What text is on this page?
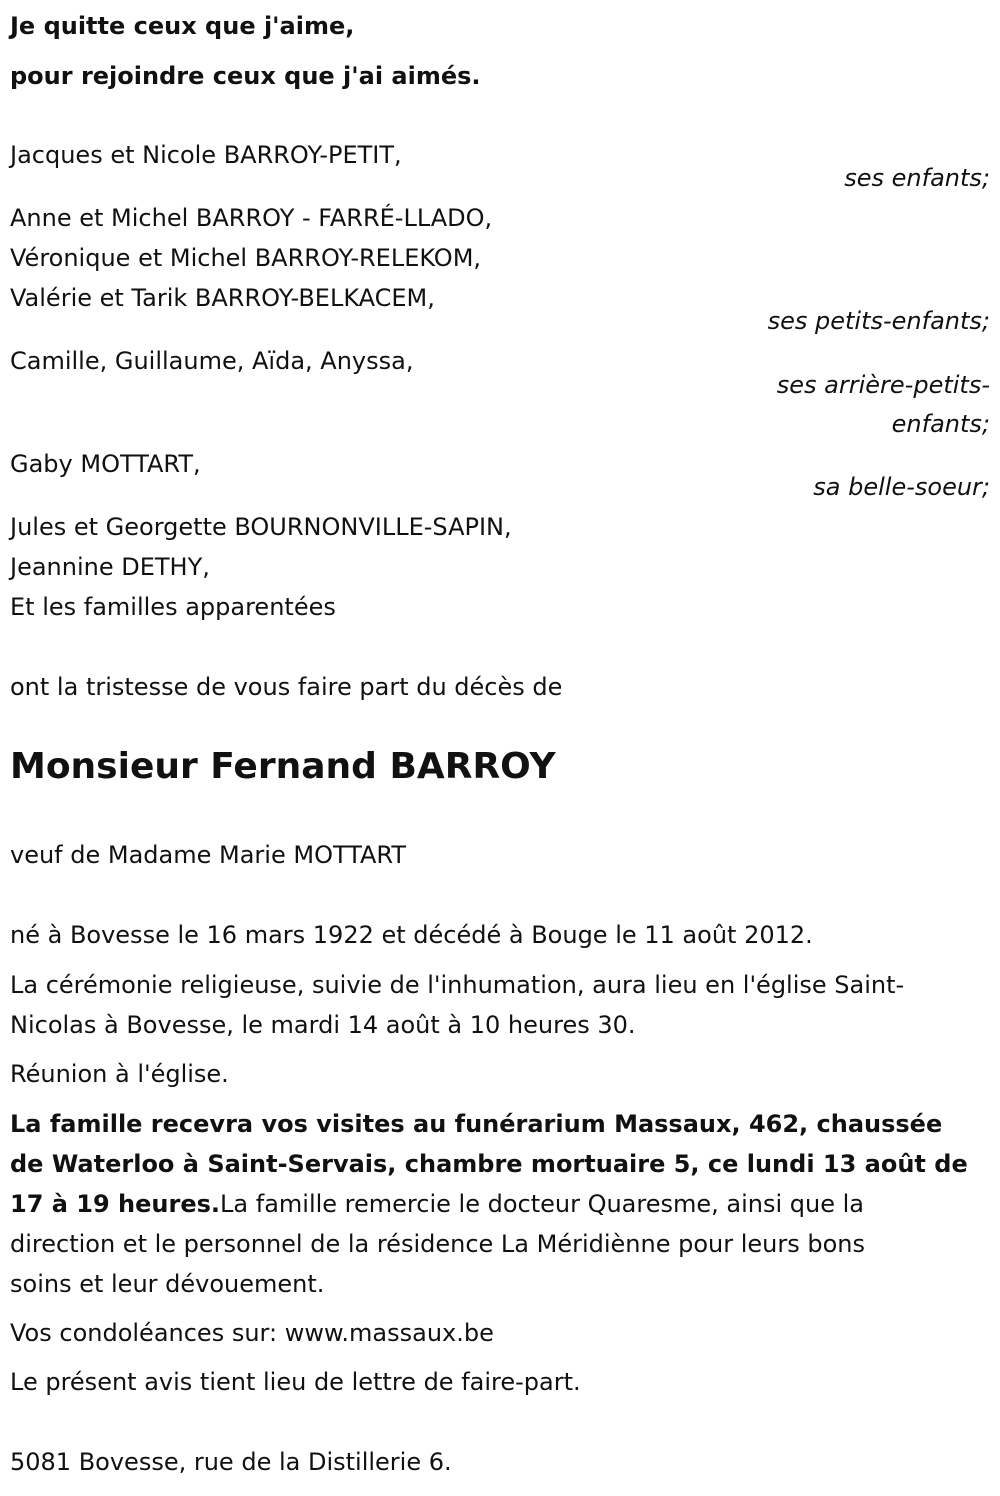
Je quitte ceux que j'aime,
pour rejoindre ceux que j'ai aimés.
Jacques et Nicole BARROY-PETIT,
ses enfants;
Anne et Michel BARROY - FARRÉ-LLADO,
Véronique et Michel BARROY-RELEKOM,
Valérie et Tarik BARROY-BELKACEM,
ses petits-enfants;
Camille, Guillaume, Aïda, Anyssa,
ses arrière-petits-
enfants;
Gaby MOTTART,
sa belle-soeur;
Jules et Georgette BOURNONVILLE-SAPIN,
Jeannine DETHY,
Et les familles apparentées
ont la tristesse de vous faire part du décès de
Monsieur Fernand BARROY
veuf de Madame Marie MOTTART
né à Bovesse le 16 mars 1922 et décédé à Bouge le 11 août 2012.
La cérémonie religieuse, suivie de l'inhumation, aura lieu en l'église Saint-
Nicolas à Bovesse, le mardi 14 août à 10 heures 30.
Réunion à l'église.
La famille recevra vos visites au funérarium Massaux, 462, chaussée
de Waterloo à Saint-Servais, chambre mortuaire 5, ce lundi 13 août de
17 à 19 heures.La famille remercie le docteur Quaresme, ainsi que la
direction et le personnel de la résidence La Méridiènne pour leurs bons
soins et leur dévouement.
Vos condoléances sur: www.massaux.be
Le présent avis tient lieu de lettre de faire-part.
5081 Bovesse, rue de la Distillerie 6.
